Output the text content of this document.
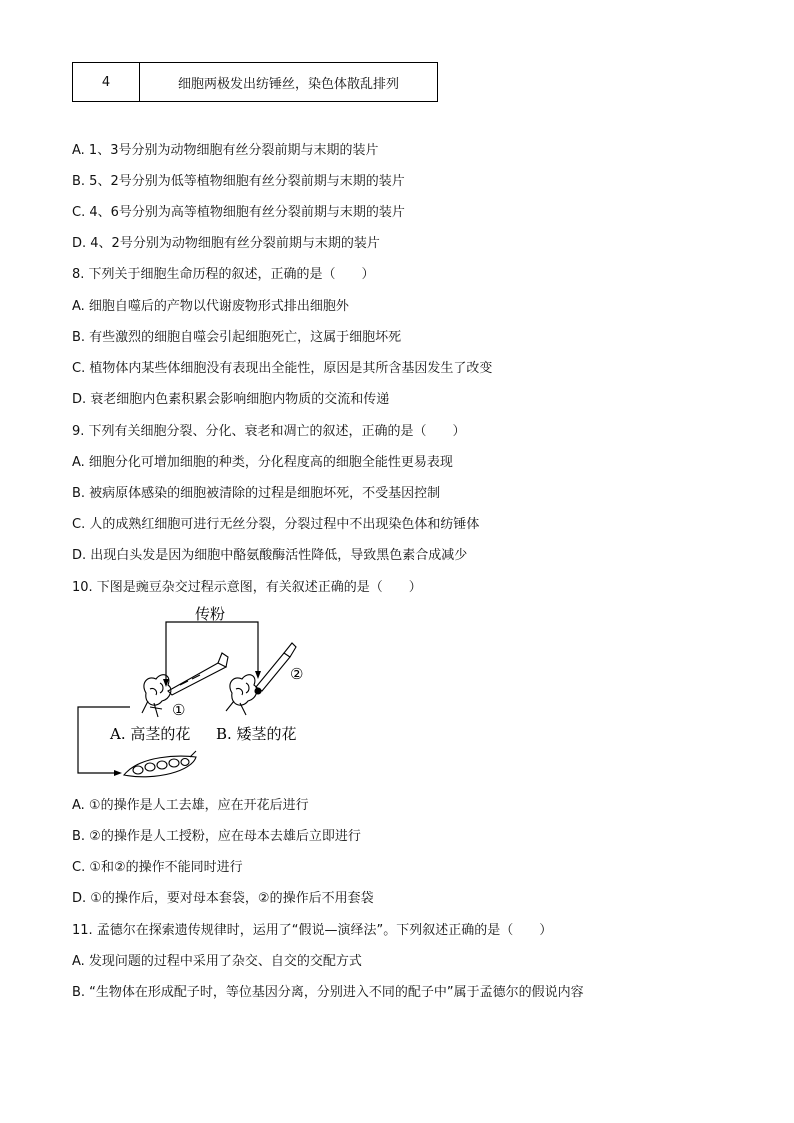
4	细胞两极发出纺锤丝，染色体散乱排列
A. 1、3号分别为动物细胞有丝分裂前期与末期的装片
B. 5、2号分别为低等植物细胞有丝分裂前期与末期的装片
C. 4、6号分别为高等植物细胞有丝分裂前期与末期的装片
D. 4、2号分别为动物细胞有丝分裂前期与末期的装片
8. 下列关于细胞生命历程的叙述，正确的是（　　）
A. 细胞自噬后的产物以代谢废物形式排出细胞外
B. 有些激烈的细胞自噬会引起细胞死亡，这属于细胞坏死
C. 植物体内某些体细胞没有表现出全能性，原因是其所含基因发生了改变
D. 衰老细胞内色素积累会影响细胞内物质的交流和传递
9. 下列有关细胞分裂、分化、衰老和凋亡的叙述，正确的是（　　）
A. 细胞分化可增加细胞的种类，分化程度高的细胞全能性更易表现
B. 被病原体感染的细胞被清除的过程是细胞坏死，不受基因控制
C. 人的成熟红细胞可进行无丝分裂，分裂过程中不出现染色体和纺锤体
D. 出现白头发是因为细胞中酪氨酸酶活性降低，导致黑色素合成减少
10. 下图是豌豆杂交过程示意图，有关叙述正确的是（　　）
传粉
①
②
A. 高茎的花 B. 矮茎的花
A. ①的操作是人工去雄，应在开花后进行
B. ②的操作是人工授粉，应在母本去雄后立即进行
C. ①和②的操作不能同时进行
D. ①的操作后，要对母本套袋，②的操作后不用套袋
11. 孟德尔在探索遗传规律时，运用了“假说—演绎法”。下列叙述正确的是（　　）
A. 发现问题的过程中采用了杂交、自交的交配方式
B. “生物体在形成配子时，等位基因分离，分别进入不同的配子中”属于孟德尔的假说内容
